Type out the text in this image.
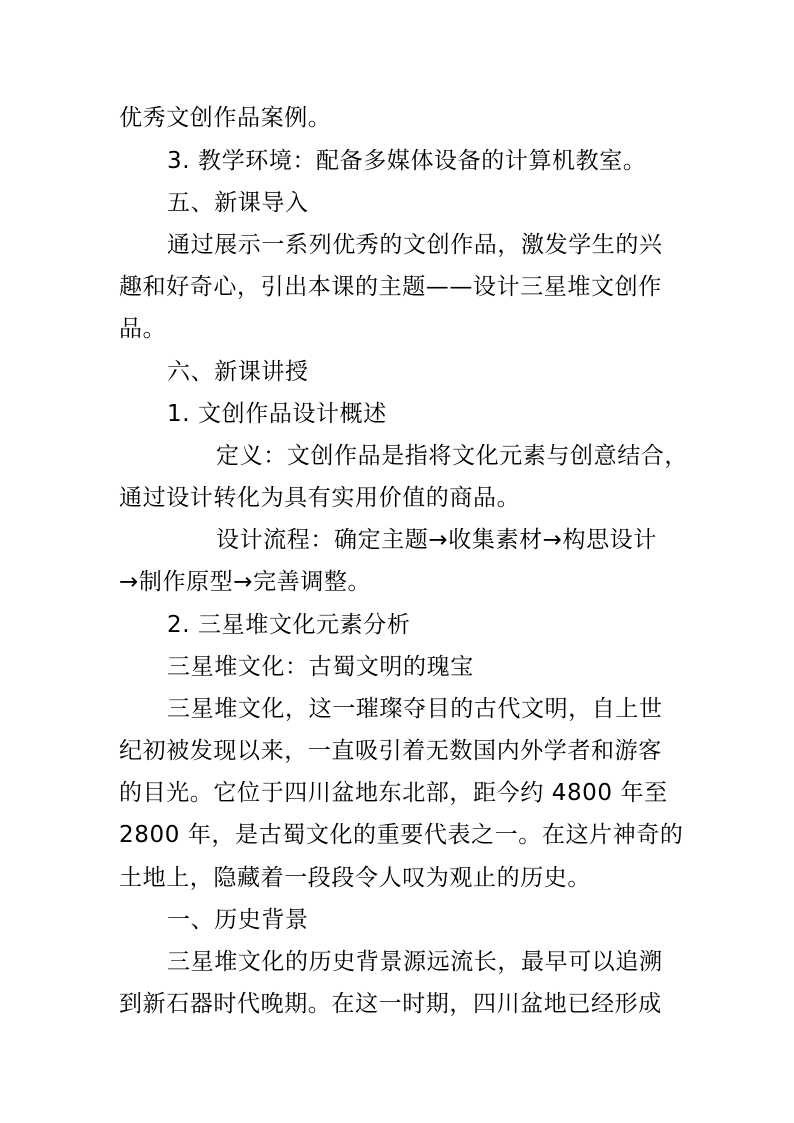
优秀文创作品案例。
3. 教学环境：配备多媒体设备的计算机教室。
五、新课导入
通过展示一系列优秀的文创作品，激发学生的兴
趣和好奇心，引出本课的主题——设计三星堆文创作
品。
六、新课讲授
1. 文创作品设计概述
定义：文创作品是指将文化元素与创意结合，
通过设计转化为具有实用价值的商品。
设计流程：确定主题→收集素材→构思设计
→制作原型→完善调整。
2. 三星堆文化元素分析
三星堆文化：古蜀文明的瑰宝
三星堆文化，这一璀璨夺目的古代文明，自上世
纪初被发现以来，一直吸引着无数国内外学者和游客
的目光。它位于四川盆地东北部，距今约 4800 年至
2800 年，是古蜀文化的重要代表之一。在这片神奇的
土地上，隐藏着一段段令人叹为观止的历史。
一、历史背景
三星堆文化的历史背景源远流长，最早可以追溯
到新石器时代晚期。在这一时期，四川盆地已经形成
